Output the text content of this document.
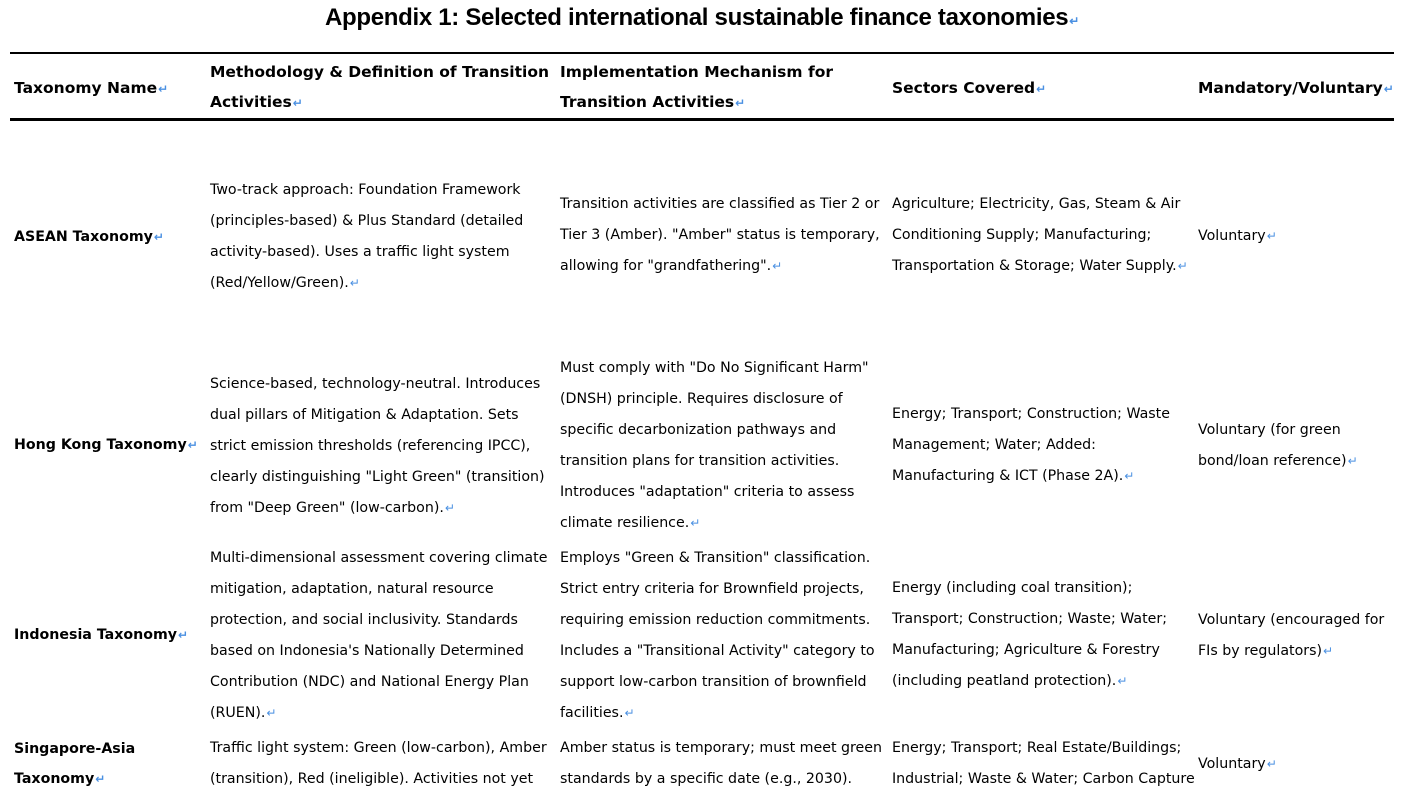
Appendix 1: Selected international sustainable finance taxonomies↵
Taxonomy Name↵
Methodology & Definition of Transition
Activities↵
Implementation Mechanism for
Transition Activities↵
Sectors Covered↵	Mandatory/Voluntary↵
ASEAN Taxonomy↵
Two-track approach: Foundation Framework
(principles-based) & Plus Standard (detailed
activity-based). Uses a traffic light system
(Red/Yellow/Green).↵
Transition activities are classified as Tier 2 or
Tier 3 (Amber). "Amber" status is temporary,
allowing for "grandfathering".↵
Agriculture; Electricity, Gas, Steam & Air
Conditioning Supply; Manufacturing;
Transportation & Storage; Water Supply.↵
Voluntary↵
Hong Kong Taxonomy↵
Science-based, technology-neutral. Introduces
dual pillars of Mitigation & Adaptation. Sets
strict emission thresholds (referencing IPCC),
clearly distinguishing "Light Green" (transition)
from "Deep Green" (low-carbon).↵
Must comply with "Do No Significant Harm"
(DNSH) principle. Requires disclosure of
specific decarbonization pathways and
transition plans for transition activities.
Introduces "adaptation" criteria to assess
climate resilience.↵
Energy; Transport; Construction; Waste
Management; Water; Added:
Manufacturing & ICT (Phase 2A).↵
Voluntary (for green
bond/loan reference)↵
Indonesia Taxonomy↵
Multi-dimensional assessment covering climate
mitigation, adaptation, natural resource
protection, and social inclusivity. Standards
based on Indonesia's Nationally Determined
Contribution (NDC) and National Energy Plan
(RUEN).↵
Employs "Green & Transition" classification.
Strict entry criteria for Brownfield projects,
requiring emission reduction commitments.
Includes a "Transitional Activity" category to
support low-carbon transition of brownfield
facilities.↵
Energy (including coal transition);
Transport; Construction; Waste; Water;
Manufacturing; Agriculture & Forestry
(including peatland protection).↵
Voluntary (encouraged for
FIs by regulators)↵
Singapore-Asia
Taxonomy↵
Traffic light system: Green (low-carbon), Amber
(transition), Red (ineligible). Activities not yet
Amber status is temporary; must meet green
standards by a specific date (e.g., 2030).
Energy; Transport; Real Estate/Buildings;
Industrial; Waste & Water; Carbon Capture
Voluntary↵
